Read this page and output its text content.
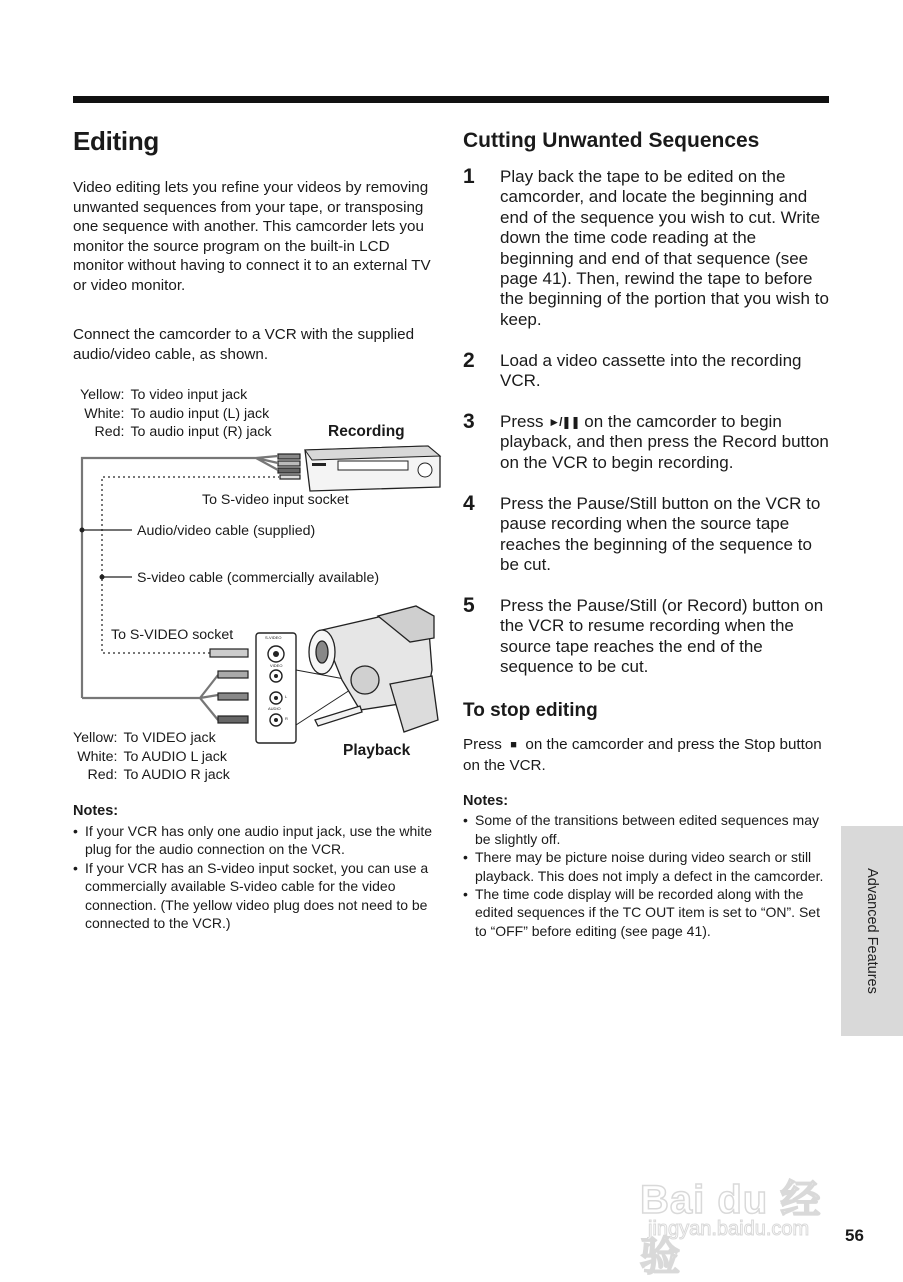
Editing

Video editing lets you refine your videos by removing unwanted sequences from your tape, or transposing one sequence with another. This camcorder lets you monitor the source program on the built-in LCD monitor without having to connect it to an external TV or video monitor.

Connect the camcorder to a VCR with the supplied audio/video cable, as shown.

Yellow: To video input jack
White: To audio input (L) jack
Red: To audio input (R) jack	Recording
To S-video input socket
Audio/video cable (supplied)
S-video cable (commercially available)
To S-VIDEO socket
Yellow: To VIDEO jack
White: To AUDIO L jack
Red: To AUDIO R jack
Playback
S-VIDEO
VIDEO
AUDIO
L
R
Notes:
• If your VCR has only one audio input jack, use the white plug for the audio connection on the VCR.
• If your VCR has an S-video input socket, you can use a commercially available S-video cable for the video connection. (The yellow video plug does not need to be connected to the VCR.)
Cutting Unwanted Sequences
1	Play back the tape to be edited on the camcorder, and locate the beginning and end of the sequence you wish to cut. Write down the time code reading at the beginning and end of that sequence (see page 41). Then, rewind the tape to before the beginning of the portion that you wish to keep.
2	Load a video cassette into the recording VCR.
3	Press ►/❚❚ on the camcorder to begin playback, and then press the Record button on the VCR to begin recording.
4	Press the Pause/Still button on the VCR to pause recording when the source tape reaches the beginning of the sequence to be cut.
5	Press the Pause/Still (or Record) button on the VCR to resume recording when the source tape reaches the end of the sequence to be cut.
To stop editing

Press ■ on the camcorder and press the Stop button on the VCR.

Notes:
• Some of the transitions between edited sequences may be slightly off.
• There may be picture noise during video search or still playback. This does not imply a defect in the camcorder.
• The time code display will be recorded along with the edited sequences if the TC OUT item is set to “ON”. Set to “OFF” before editing (see page 41).	Advanced Features
Bai du 经验
jingyan.baidu.com 56
